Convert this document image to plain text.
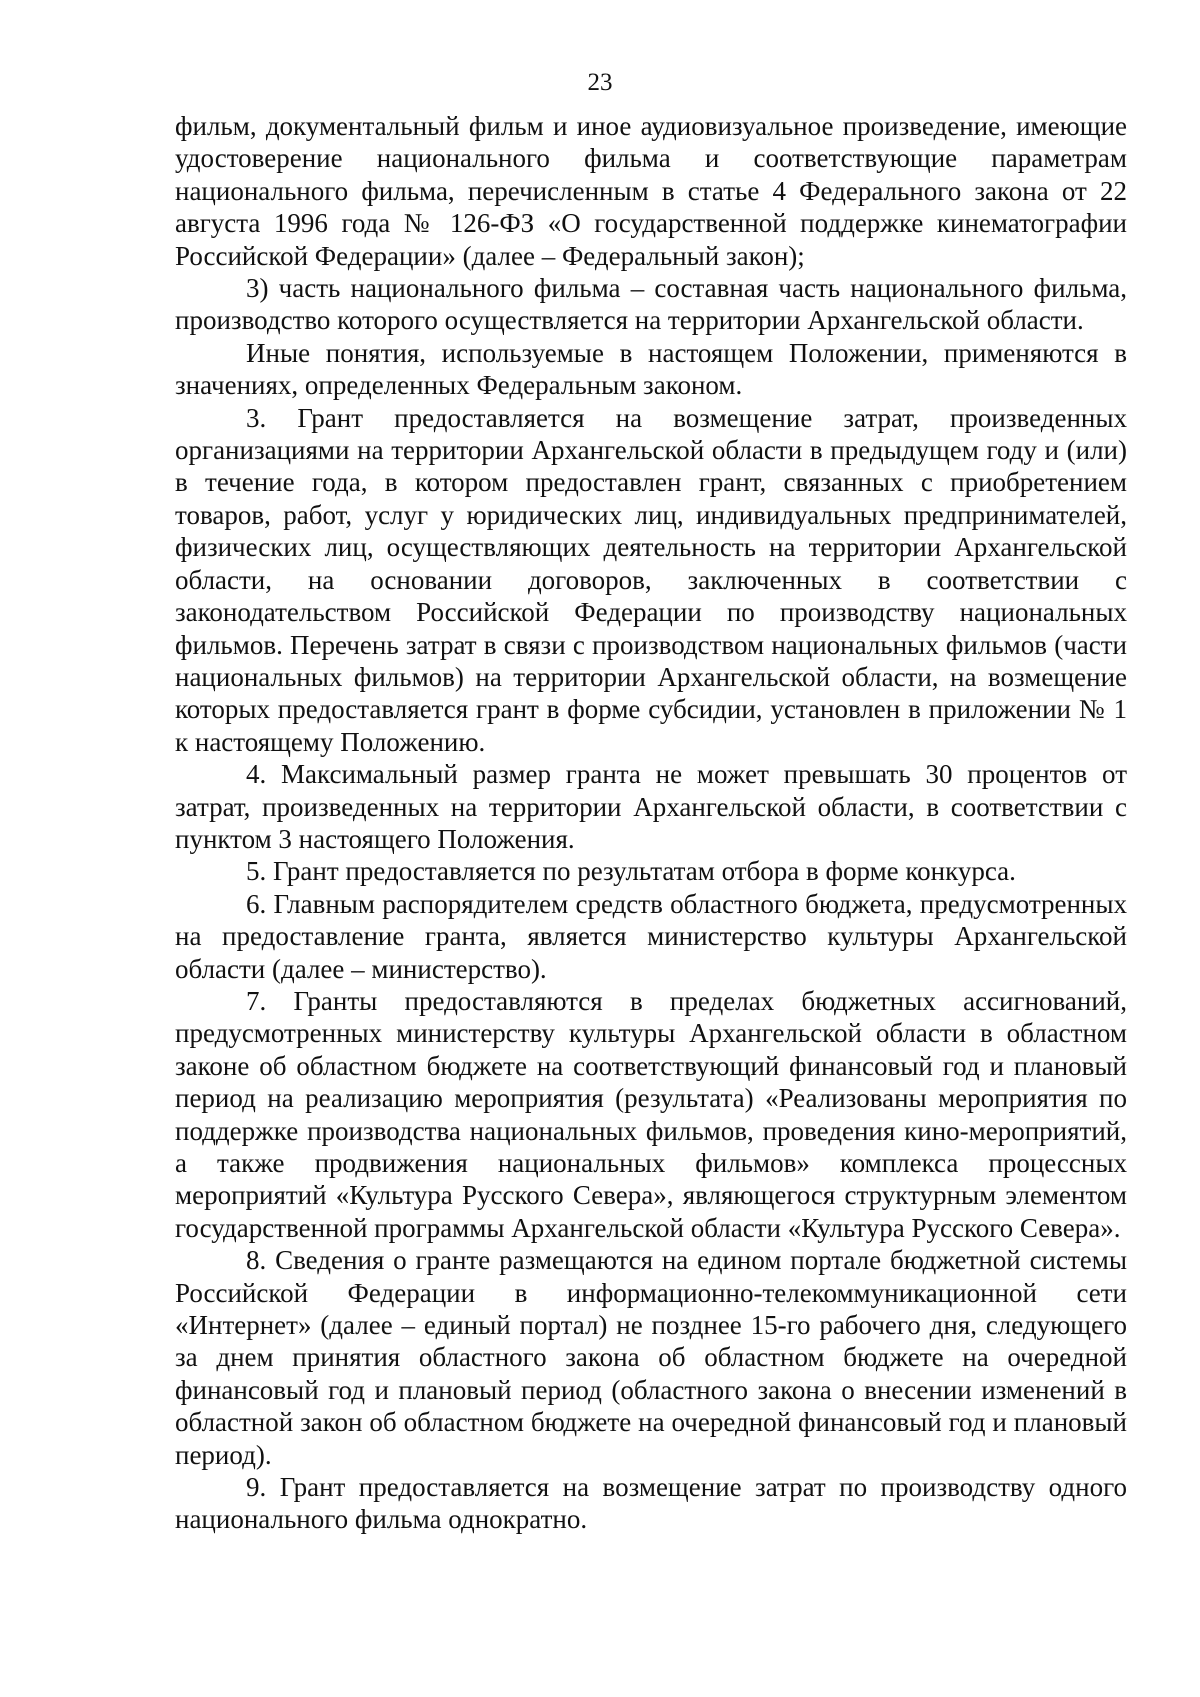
23

фильм, документальный фильм и иное аудиовизуальное произведение, имеющие удостоверение национального фильма и соответствующие параметрам национального фильма, перечисленным в статье 4 Федерального закона от 22 августа 1996 года № 126-ФЗ «О государственной поддержке кинематографии Российской Федерации» (далее – Федеральный закон);

3) часть национального фильма – составная часть национального фильма, производство которого осуществляется на территории Архангельской области.

Иные понятия, используемые в настоящем Положении, применяются в значениях, определенных Федеральным законом.

3. Грант предоставляется на возмещение затрат, произведенных организациями на территории Архангельской области в предыдущем году и (или) в течение года, в котором предоставлен грант, связанных с приобретением товаров, работ, услуг у юридических лиц, индивидуальных предпринимателей, физических лиц, осуществляющих деятельность на территории Архангельской области, на основании договоров, заключенных в соответствии с законодательством Российской Федерации по производству национальных фильмов. Перечень затрат в связи с производством национальных фильмов (части национальных фильмов) на территории Архангельской области, на возмещение которых предоставляется грант в форме субсидии, установлен в приложении № 1 к настоящему Положению.

4. Максимальный размер гранта не может превышать 30 процентов от затрат, произведенных на территории Архангельской области, в соответствии с пунктом 3 настоящего Положения.

5. Грант предоставляется по результатам отбора в форме конкурса.

6. Главным распорядителем средств областного бюджета, предусмотренных на предоставление гранта, является министерство культуры Архангельской области (далее – министерство).

7. Гранты предоставляются в пределах бюджетных ассигнований, предусмотренных министерству культуры Архангельской области в областном законе об областном бюджете на соответствующий финансовый год и плановый период на реализацию мероприятия (результата) «Реализованы мероприятия по поддержке производства национальных фильмов, проведения кино-мероприятий, а также продвижения национальных фильмов» комплекса процессных мероприятий «Культура Русского Севера», являющегося структурным элементом государственной программы Архангельской области «Культура Русского Севера».

8. Сведения о гранте размещаются на едином портале бюджетной системы Российской Федерации в информационно-телекоммуникационной сети «Интернет» (далее – единый портал) не позднее 15-го рабочего дня, следующего за днем принятия областного закона об областном бюджете на очередной финансовый год и плановый период (областного закона о внесении изменений в областной закон об областном бюджете на очередной финансовый год и плановый период).

9. Грант предоставляется на возмещение затрат по производству одного национального фильма однократно.
